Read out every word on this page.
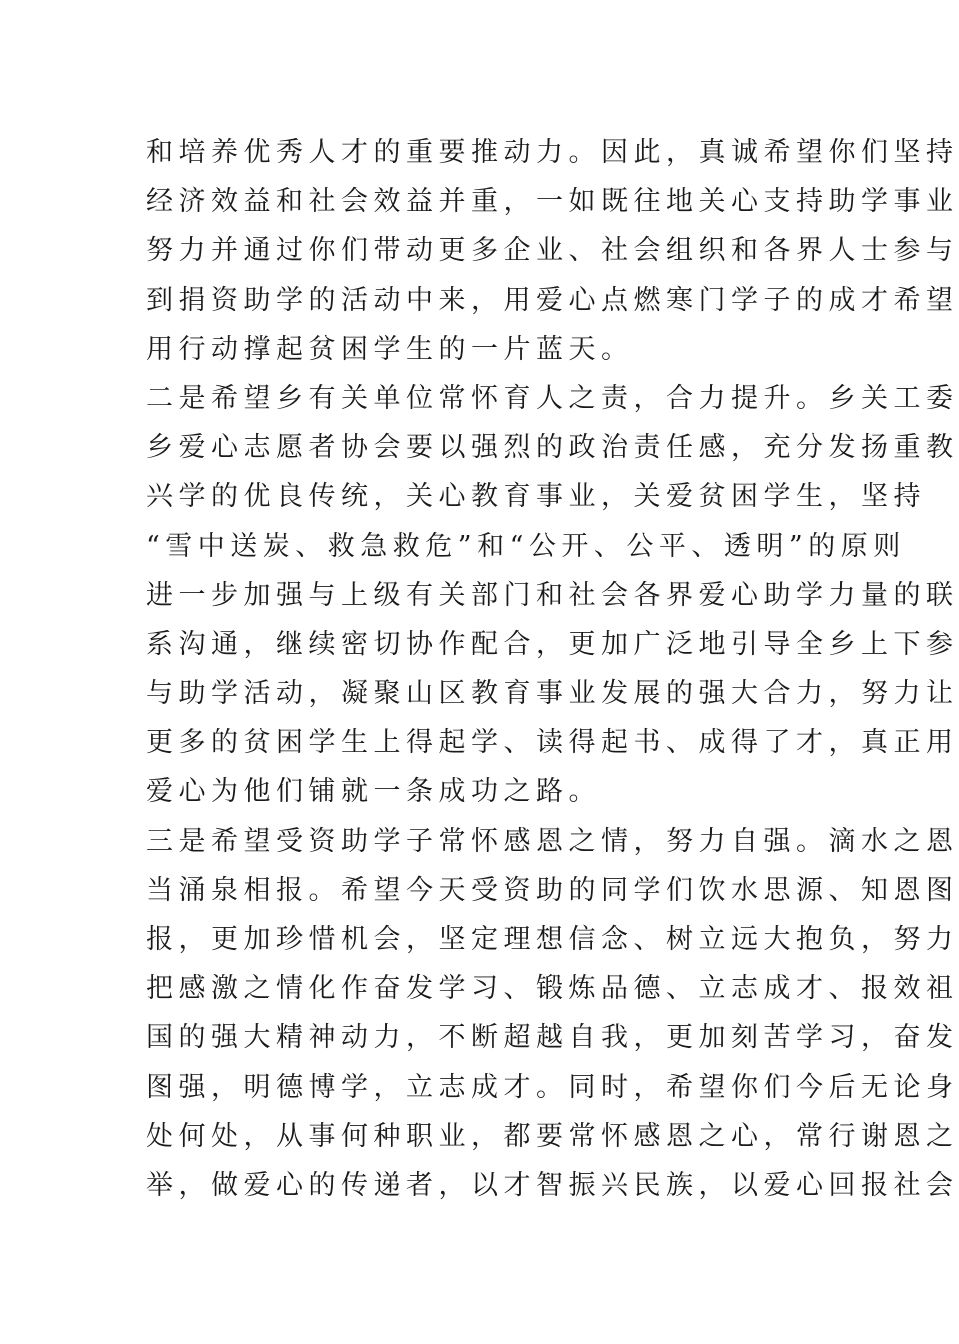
和培养优秀人才的重要推动力。因此，真诚希望你们坚持
经济效益和社会效益并重，一如既往地关心支持助学事业
努力并通过你们带动更多企业、社会组织和各界人士参与
到捐资助学的活动中来，用爱心点燃寒门学子的成才希望
用行动撑起贫困学生的一片蓝天。
二是希望乡有关单位常怀育人之责，合力提升。乡关工委
乡爱心志愿者协会要以强烈的政治责任感，充分发扬重教
兴学的优良传统，关心教育事业，关爱贫困学生，坚持
“雪中送炭、救急救危”和“公开、公平、透明”的原则
进一步加强与上级有关部门和社会各界爱心助学力量的联
系沟通，继续密切协作配合，更加广泛地引导全乡上下参
与助学活动，凝聚山区教育事业发展的强大合力，努力让
更多的贫困学生上得起学、读得起书、成得了才，真正用
爱心为他们铺就一条成功之路。
三是希望受资助学子常怀感恩之情，努力自强。滴水之恩
当涌泉相报。希望今天受资助的同学们饮水思源、知恩图
报，更加珍惜机会，坚定理想信念、树立远大抱负，努力
把感激之情化作奋发学习、锻炼品德、立志成才、报效祖
国的强大精神动力，不断超越自我，更加刻苦学习，奋发
图强，明德博学，立志成才。同时，希望你们今后无论身
处何处，从事何种职业，都要常怀感恩之心，常行谢恩之
举，做爱心的传递者，以才智振兴民族，以爱心回报社会
